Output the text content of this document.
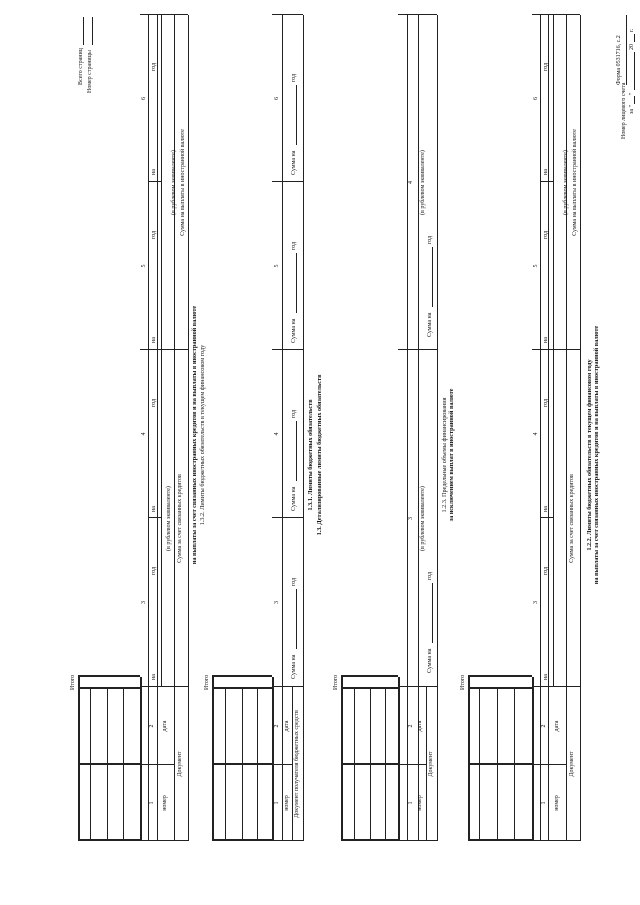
Форма 0531716, с.2
Номер лицевого счета за "
"
20
г.
1.2.2. Лимиты бюджетных обязательств в текущем финансовом году на выплаты за счет связанных иностранных кредитов и на выплаты в иностранной валюте
Документ
номер
дата
Сумма за счет связанных кредитов
Сумма на выплаты в иностранной валюте
(в рублевом эквиваленте)
на
год
на
год
на
год
на
год
1
2
3
4
5
6
Итого
1.2.3. Предельные объемы финансирования за исключением выплат в иностранной валюте
Документ
номер
дата
Сумма на
год
(в рублевом эквиваленте)
Сумма на
год
(в рублевом эквиваленте)
1
2
3
4
Итого
1.3. Детализированные лимиты бюджетных обязательств
1.3.1. Лимиты бюджетных обязательств
Документ получателя бюджетных средств
номер
дата
Сумма на
год
Сумма на
год
Сумма на
год
Сумма на
год
1
2
3
4
5
6
Итого
1.3.2. Лимиты бюджетных обязательств в текущем финансовом году
на выплаты за счет связанных иностранных кредитов и на выплаты в иностранной валюте
Документ
номер
дата
Сумма за счет связанных кредитов
Сумма на выплаты в иностранной валюте
(в рублевом эквиваленте)
(в рублевом эквиваленте)
на
год
на
год
на
год
на
год
1
2
3
4
5
6
Итого
Номер страницы
Всего страниц
